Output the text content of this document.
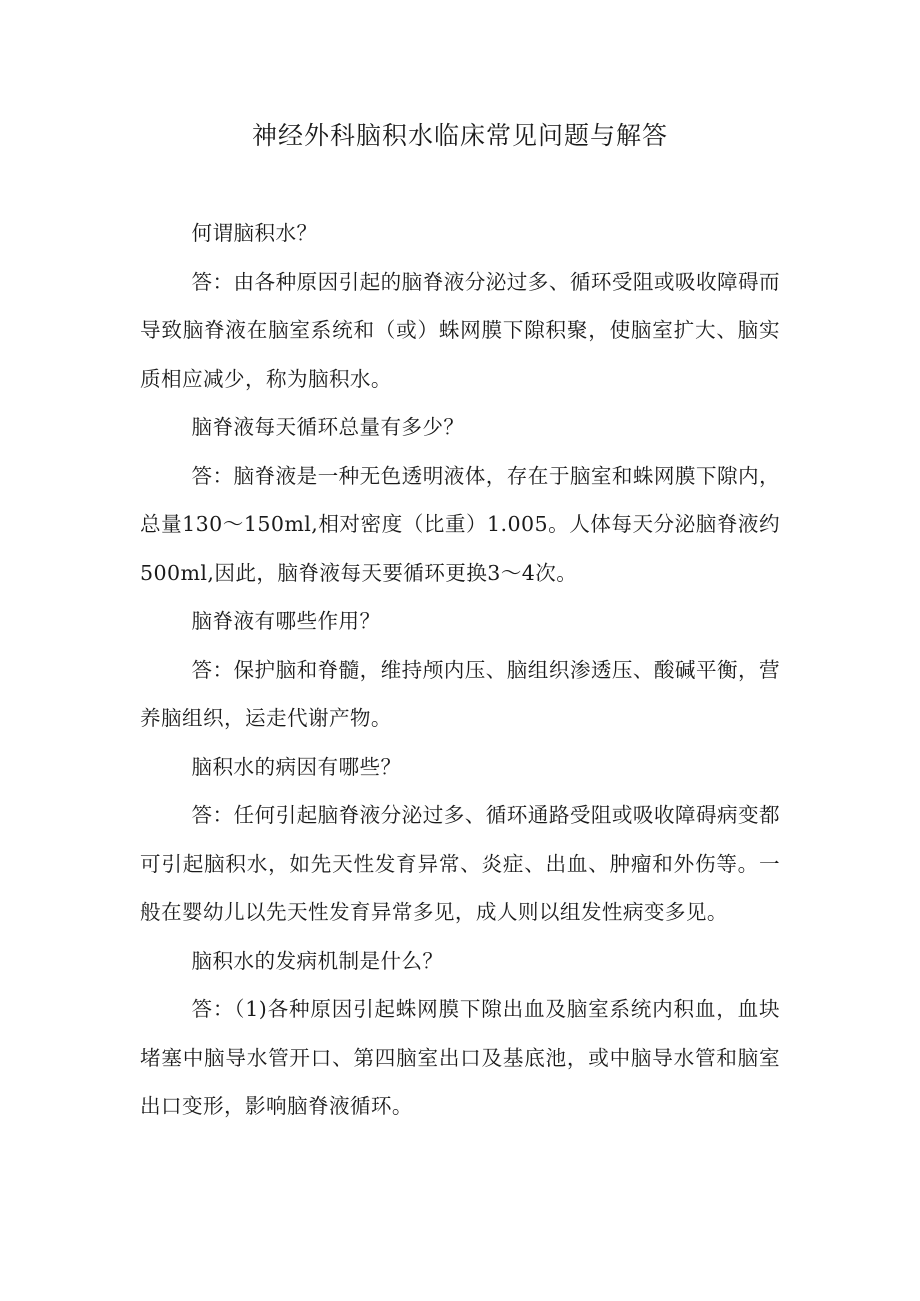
神经外科脑积水临床常见问题与解答

何谓脑积水？

答：由各种原因引起的脑脊液分泌过多、循环受阻或吸收障碍而导致脑脊液在脑室系统和（或）蛛网膜下隙积聚，使脑室扩大、脑实质相应减少，称为脑积水。

脑脊液每天循环总量有多少？

答：脑脊液是一种无色透明液体，存在于脑室和蛛网膜下隙内，总量130～150ml,相对密度（比重）1.005。人体每天分泌脑脊液约500ml,因此，脑脊液每天要循环更换3～4次。

脑脊液有哪些作用？

答：保护脑和脊髓，维持颅内压、脑组织渗透压、酸碱平衡，营养脑组织，运走代谢产物。

脑积水的病因有哪些？

答：任何引起脑脊液分泌过多、循环通路受阻或吸收障碍病变都可引起脑积水，如先天性发育异常、炎症、出血、肿瘤和外伤等。一般在婴幼儿以先天性发育异常多见，成人则以组发性病变多见。

脑积水的发病机制是什么？

答：（1)各种原因引起蛛网膜下隙出血及脑室系统内积血，血块堵塞中脑导水管开口、第四脑室出口及基底池，或中脑导水管和脑室出口变形，影响脑脊液循环。
